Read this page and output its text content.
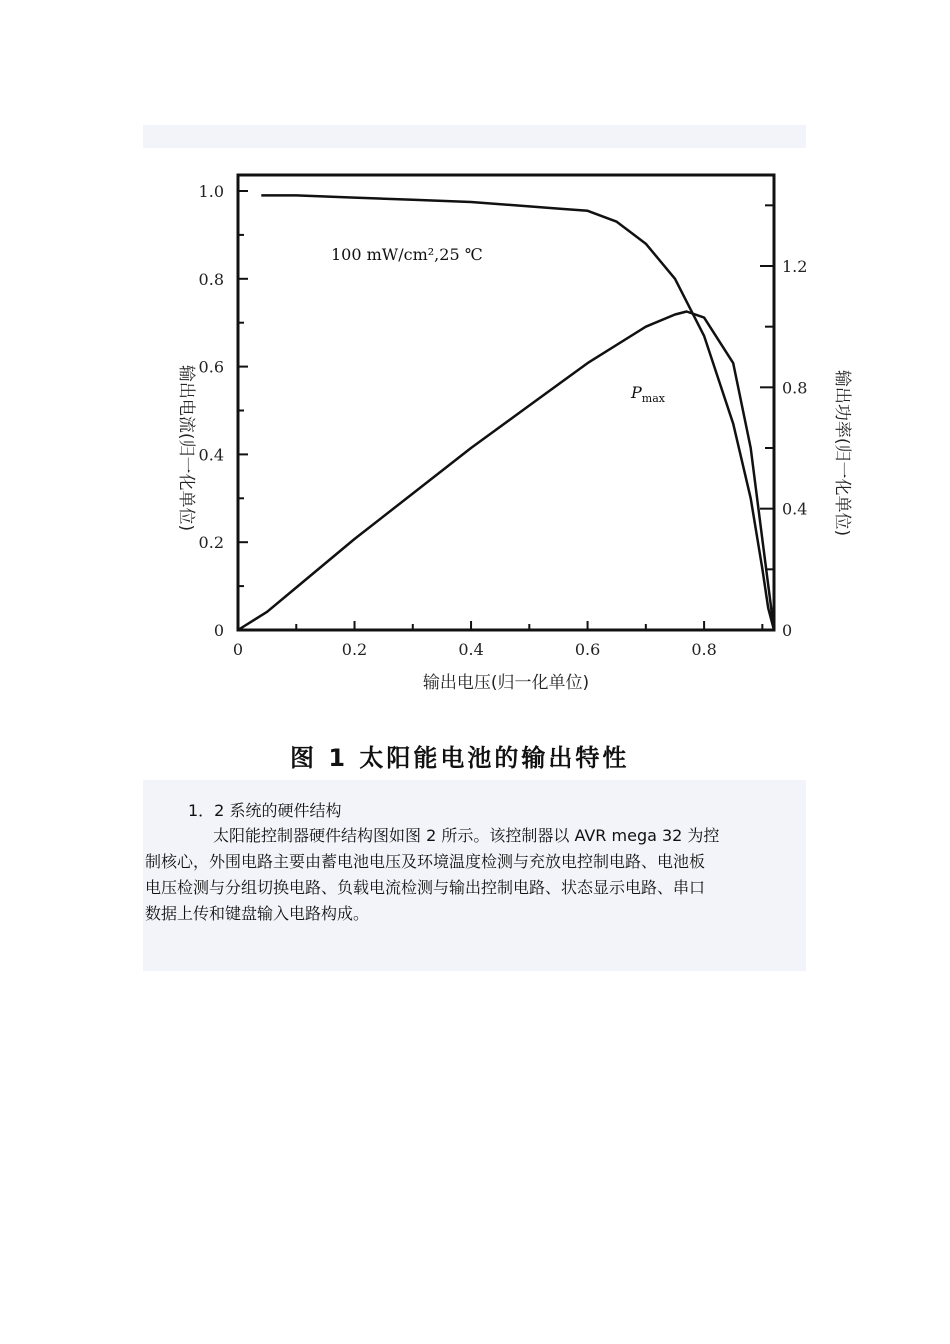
0	0.2	0.4	0.6	0.8
0
0.2
0.4
0.6
0.8
1.0
0
0.4
0.8
1.2
输出电流(归一化单位)	输出功率(归一化单位)
输出电压(归一化单位)
100 mW/cm²,25 ℃
$P_{max}$
图 1 太阳能电池的输出特性
1．2 系统的硬件结构
太阳能控制器硬件结构图如图 2 所示。该控制器以 AVR mega 32 为控
制核心，外围电路主要由蓄电池电压及环境温度检测与充放电控制电路、电池板
电压检测与分组切换电路、负载电流检测与输出控制电路、状态显示电路、串口
数据上传和键盘输入电路构成。
